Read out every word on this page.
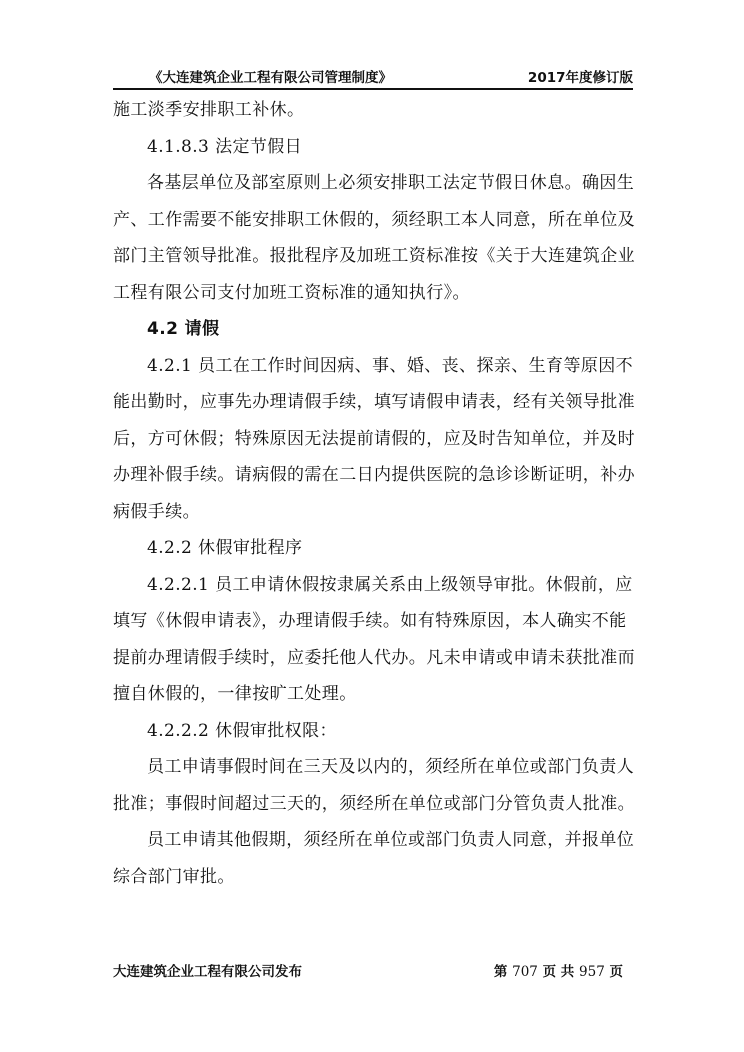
《大连建筑企业工程有限公司管理制度》	2017年度修订版
施工淡季安排职工补休。
4.1.8.3 法定节假日
各基层单位及部室原则上必须安排职工法定节假日休息。确因生
产、工作需要不能安排职工休假的，须经职工本人同意，所在单位及
部门主管领导批准。报批程序及加班工资标准按《关于大连建筑企业
工程有限公司支付加班工资标准的通知执行》。
4.2 请假
4.2.1 员工在工作时间因病、事、婚、丧、探亲、生育等原因不
能出勤时，应事先办理请假手续，填写请假申请表，经有关领导批准
后，方可休假；特殊原因无法提前请假的，应及时告知单位，并及时
办理补假手续。请病假的需在二日内提供医院的急诊诊断证明，补办
病假手续。
4.2.2 休假审批程序
4.2.2.1 员工申请休假按隶属关系由上级领导审批。休假前，应
填写《休假申请表》，办理请假手续。如有特殊原因，本人确实不能
提前办理请假手续时，应委托他人代办。凡未申请或申请未获批准而
擅自休假的，一律按旷工处理。
4.2.2.2 休假审批权限：
员工申请事假时间在三天及以内的，须经所在单位或部门负责人
批准；事假时间超过三天的，须经所在单位或部门分管负责人批准。
员工申请其他假期，须经所在单位或部门负责人同意，并报单位
综合部门审批。
大连建筑企业工程有限公司发布	第 707 页 共 957 页
